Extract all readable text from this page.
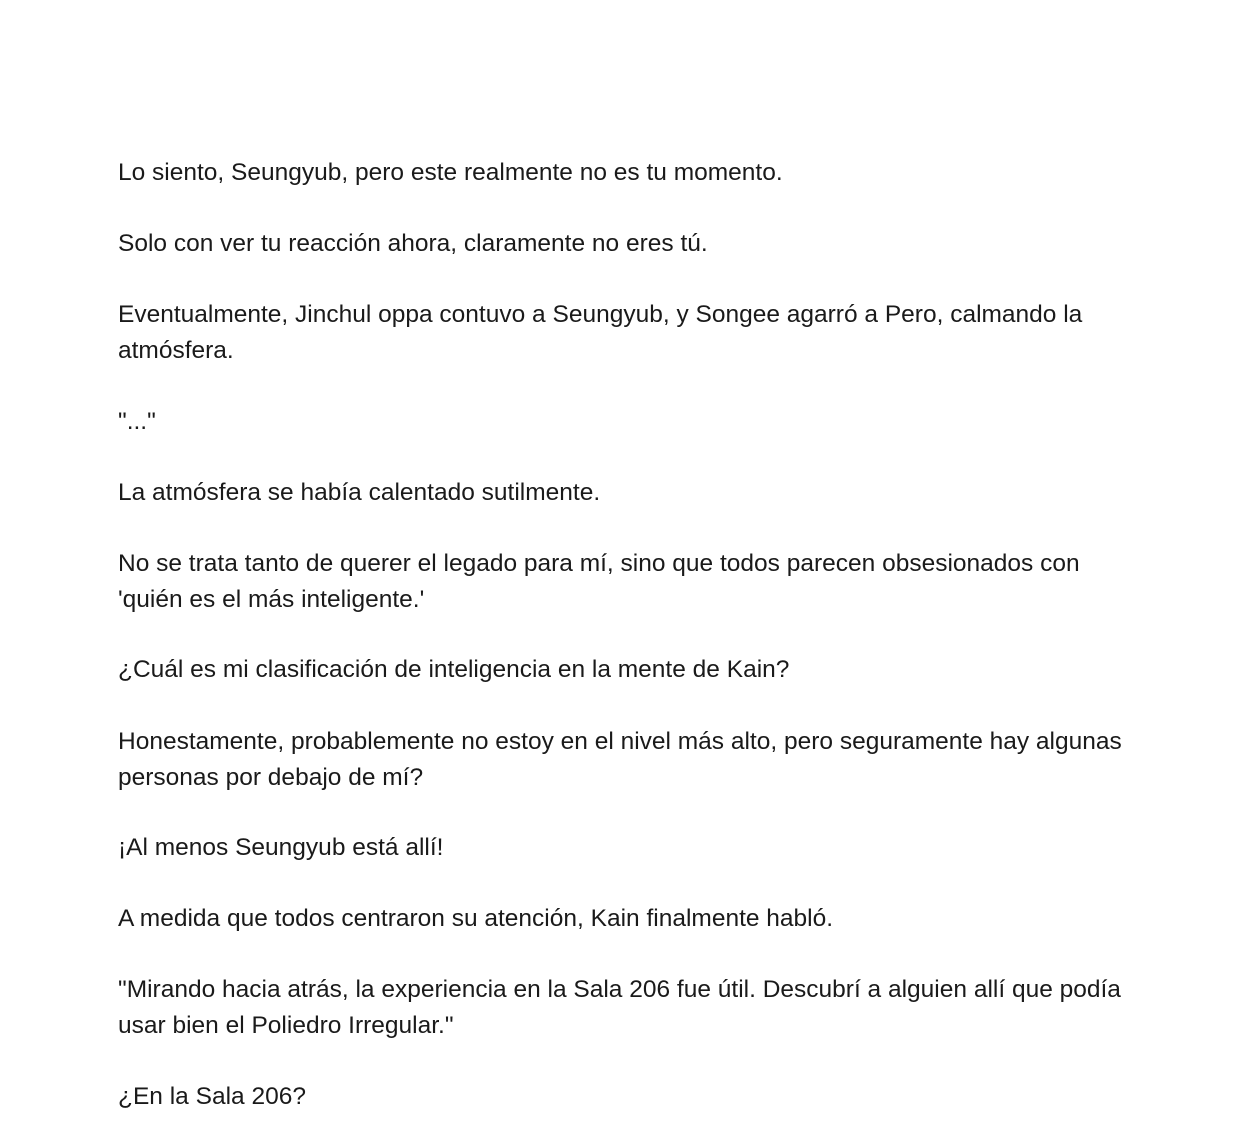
Lo siento, Seungyub, pero este realmente no es tu momento.
Solo con ver tu reacción ahora, claramente no eres tú.
Eventualmente, Jinchul oppa contuvo a Seungyub, y Songee agarró a Pero, calmando la atmósfera.
"..."
La atmósfera se había calentado sutilmente.
No se trata tanto de querer el legado para mí, sino que todos parecen obsesionados con 'quién es el más inteligente.'
¿Cuál es mi clasificación de inteligencia en la mente de Kain?
Honestamente, probablemente no estoy en el nivel más alto, pero seguramente hay algunas personas por debajo de mí?
¡Al menos Seungyub está allí!
A medida que todos centraron su atención, Kain finalmente habló.
"Mirando hacia atrás, la experiencia en la Sala 206 fue útil. Descubrí a alguien allí que podía usar bien el Poliedro Irregular."
¿En la Sala 206?
